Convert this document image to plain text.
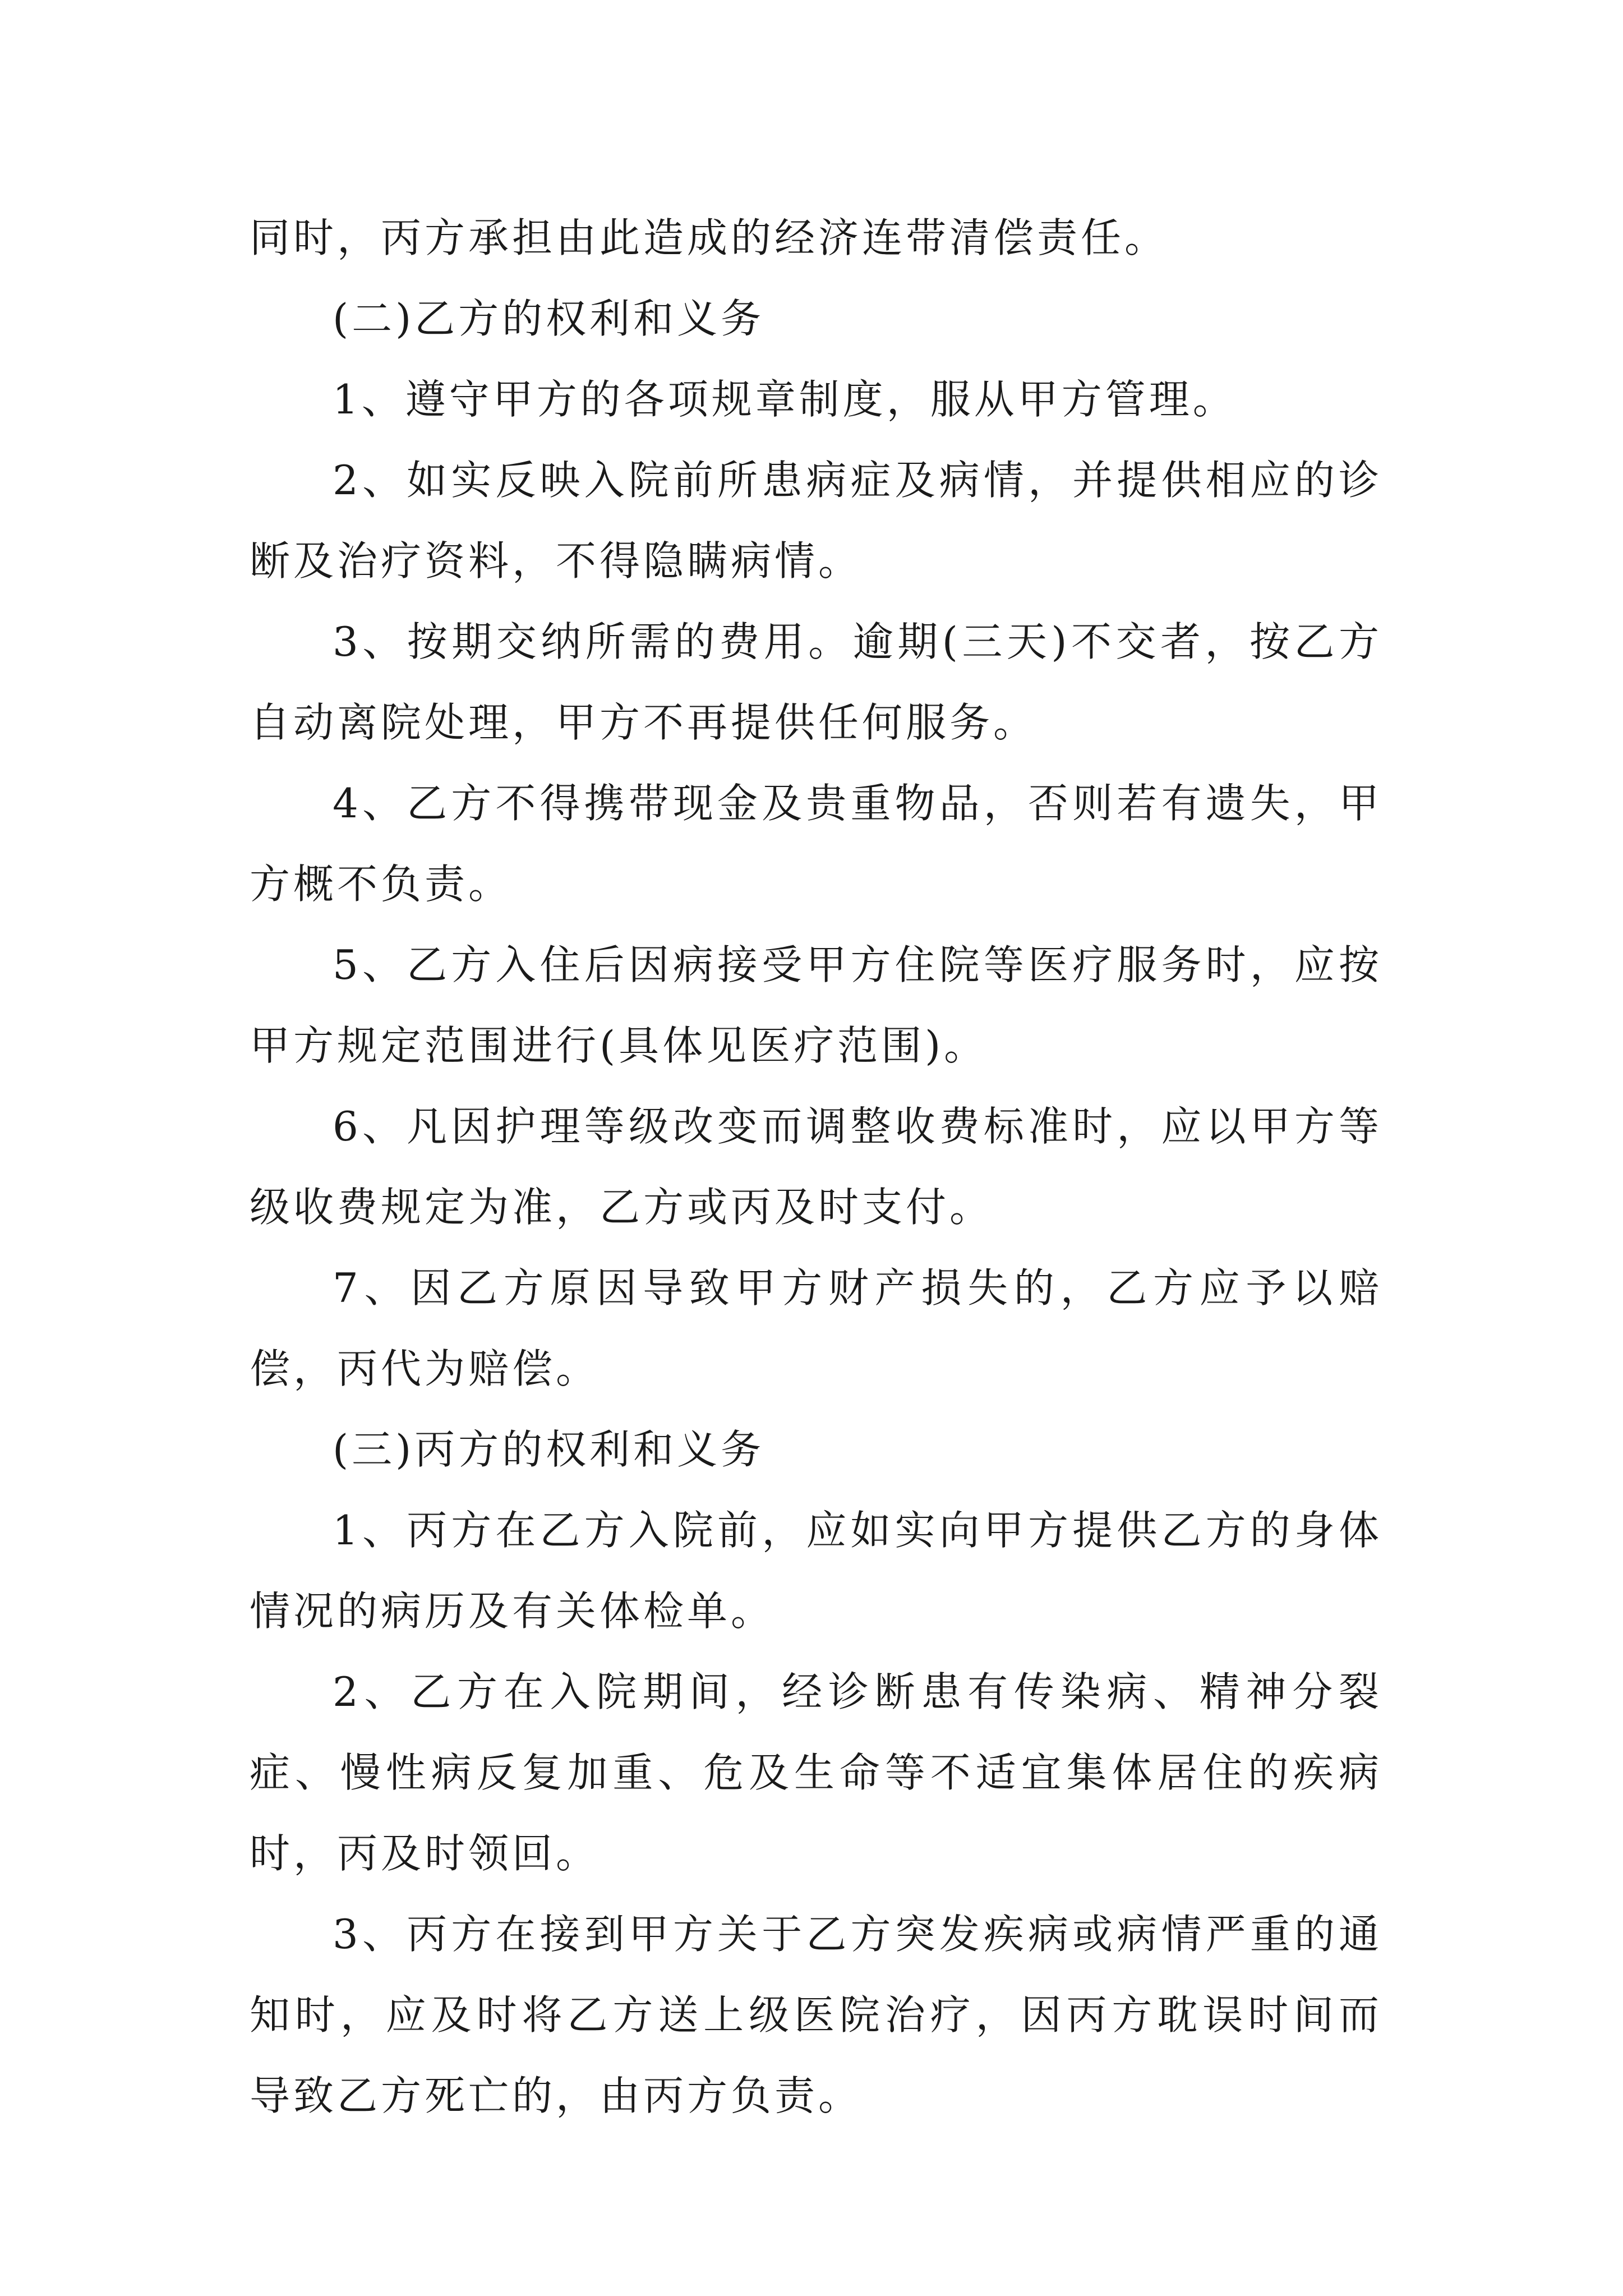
同时，丙方承担由此造成的经济连带清偿责任。

(二)乙方的权利和义务

1、遵守甲方的各项规章制度，服从甲方管理。

2、如实反映入院前所患病症及病情，并提供相应的诊断及治疗资料，不得隐瞒病情。

3、按期交纳所需的费用。逾期(三天)不交者，按乙方自动离院处理，甲方不再提供任何服务。

4、乙方不得携带现金及贵重物品，否则若有遗失，甲方概不负责。

5、乙方入住后因病接受甲方住院等医疗服务时，应按甲方规定范围进行(具体见医疗范围)。

6、凡因护理等级改变而调整收费标准时，应以甲方等级收费规定为准，乙方或丙及时支付。

7、因乙方原因导致甲方财产损失的，乙方应予以赔偿，丙代为赔偿。

(三)丙方的权利和义务

1、丙方在乙方入院前，应如实向甲方提供乙方的身体情况的病历及有关体检单。

2、乙方在入院期间，经诊断患有传染病、精神分裂症、慢性病反复加重、危及生命等不适宜集体居住的疾病时，丙及时领回。

3、丙方在接到甲方关于乙方突发疾病或病情严重的通知时，应及时将乙方送上级医院治疗，因丙方耽误时间而导致乙方死亡的，由丙方负责。
